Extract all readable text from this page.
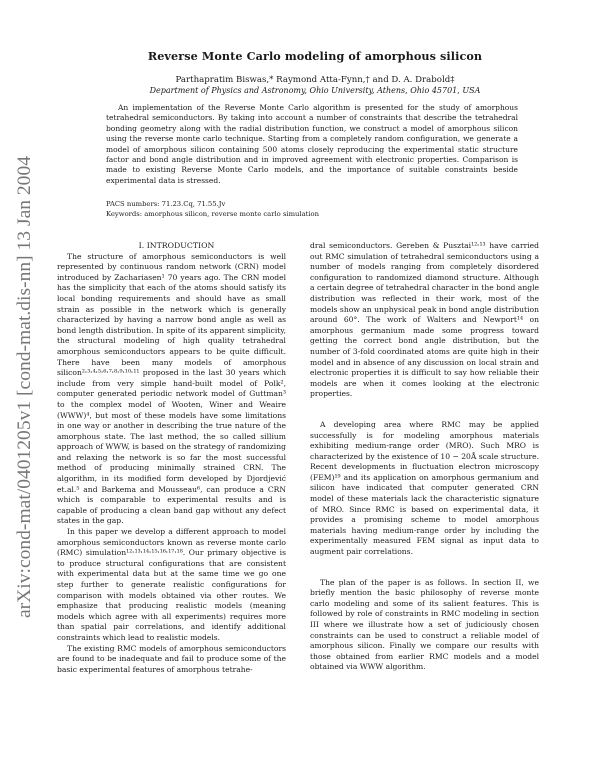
arXiv:cond-mat/0401205v1 [cond-mat.dis-nn] 13 Jan 2004
Reverse Monte Carlo modeling of amorphous silicon
Parthapratim Biswas,* Raymond Atta-Fynn,† and D. A. Drabold‡
Department of Physics and Astronomy, Ohio University, Athens, Ohio 45701, USA

An implementation of the Reverse Monte Carlo algorithm is presented for the study of amorphous tetrahedral semiconductors. By taking into account a number of constraints that describe the tetrahedral bonding geometry along with the radial distribution function, we construct a model of amorphous silicon using the reverse monte carlo technique. Starting from a completely random configuration, we generate a model of amorphous silicon containing 500 atoms closely reproducing the experimental static structure factor and bond angle distribution and in improved agreement with electronic properties. Comparison is made to existing Reverse Monte Carlo models, and the importance of suitable constraints beside experimental data is stressed.

PACS numbers: 71.23.Cq, 71.55.Jv
Keywords: amorphous silicon, reverse monte carlo simulation

I. INTRODUCTION

The structure of amorphous semiconductors is well represented by continuous random network (CRN) model introduced by Zachariasen¹ 70 years ago. The CRN model has the simplicity that each of the atoms should satisfy its local bonding requirements and should have as small strain as possible in the network which is generally characterized by having a narrow bond angle as well as bond length distribution. In spite of its apparent simplicity, the structural modeling of high quality tetrahedral amorphous semiconductors appears to be quite difficult. There have been many models of amorphous silicon²˒³˒⁴˒⁵˒⁶˒⁷˒⁸˒⁹˒¹⁰˒¹¹ proposed in the last 30 years which include from very simple hand-built model of Polk², computer generated periodic network model of Guttman³ to the complex model of Wooten, Winer and Weaire (WWW)⁴, but most of these models have some limitations in one way or another in describing the true nature of the amorphous state. The last method, the so called sillium approach of WWW, is based on the strategy of randomizing and relaxing the network is so far the most successful method of producing minimally strained CRN. The algorithm, in its modified form developed by Djordjević et.al.⁵ and Barkema and Mousseau⁶, can produce a CRN which is comparable to experimental results and is capable of producing a clean band gap without any defect states in the gap.

In this paper we develop a different approach to model amorphous semiconductors known as reverse monte carlo (RMC) simulation¹²˒¹³˒¹⁴˒¹⁵˒¹⁶˒¹⁷˒¹⁸. Our primary objective is to produce structural configurations that are consistent with experimental data but at the same time we go one step further to generate realistic configurations for comparison with models obtained via other routes. We emphasize that producing realistic models (meaning models which agree with all experiments) requires more than spatial pair correlations, and identify additional constraints which lead to realistic models.

The existing RMC models of amorphous semiconductors are found to be inadequate and fail to produce some of the basic experimental features of amorphous tetrahe-

dral semiconductors. Gereben & Pusztai¹²˒¹³ have carried out RMC simulation of tetrahedral semiconductors using a number of models ranging from completely disordered configuration to randomized diamond structure. Although a certain degree of tetrahedral character in the bond angle distribution was reflected in their work, most of the models show an unphysical peak in bond angle distribution around 60°. The work of Walters and Newport¹⁴ on amorphous germanium made some progress toward getting the correct bond angle distribution, but the number of 3-fold coordinated atoms are quite high in their model and in absence of any discussion on local strain and electronic properties it is difficult to say how reliable their models are when it comes looking at the electronic properties.

A developing area where RMC may be applied successfully is for modeling amorphous materials exhibiting medium-range order (MRO). Such MRO is characterized by the existence of 10 − 20Å scale structure. Recent developments in fluctuation electron microscopy (FEM)¹⁹ and its application on amorphous germanium and silicon have indicated that computer generated CRN model of these materials lack the characteristic signature of MRO. Since RMC is based on experimental data, it provides a promising scheme to model amorphous materials having medium-range order by including the experimentally measured FEM signal as input data to augment pair correlations.

The plan of the paper is as follows. In section II, we briefly mention the basic philosophy of reverse monte carlo modeling and some of its salient features. This is followed by role of constraints in RMC modeling in section III where we illustrate how a set of judiciously chosen constraints can be used to construct a reliable model of amorphous silicon. Finally we compare our results with those obtained from earlier RMC models and a model obtained via WWW algorithm.
